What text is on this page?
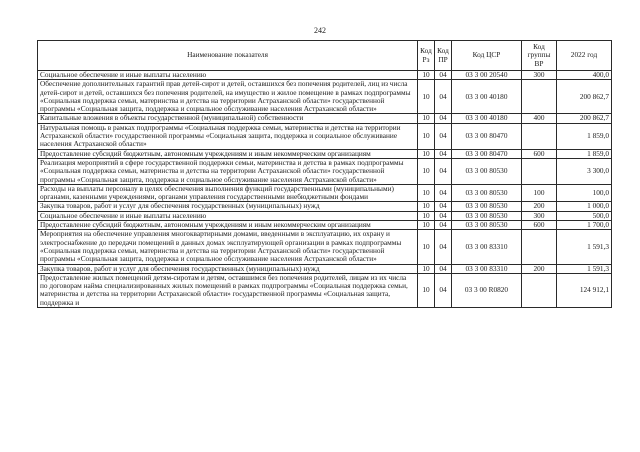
242
Наименование показателя	Код Рз	Код ПР	Код ЦСР	Код группы ВР	2022 год
Социальное обеспечение и иные выплаты населению	10	04	03 3 00 20540	300	400,0
Обеспечение дополнительных гарантий прав детей-сирот и детей, оставшихся без попечения родителей, лиц из числа детей-сирот и детей, оставшихся без попечения родителей, на имущество и жилое помещение в рамках подпрограммы «Социальная поддержка семьи, материнства и детства на территории Астраханской области» государственной программы «Социальная защита, поддержка и социальное обслуживание населения Астраханской области»	10	04	03 3 00 40180		200 862,7
Капитальные вложения в объекты государственной (муниципальной) собственности	10	04	03 3 00 40180	400	200 862,7
Натуральная помощь в рамках подпрограммы «Социальная поддержка семьи, материнства и детства на территории Астраханской области» государственной программы «Социальная защита, поддержка и социальное обслуживание населения Астраханской области»	10	04	03 3 00 80470		1 859,0
Предоставление субсидий бюджетным, автономным учреждениям и иным некоммерческим организациям	10	04	03 3 00 80470	600	1 859,0
Реализация мероприятий в сфере государственной поддержки семьи, материнства и детства в рамках подпрограммы «Социальная поддержка семьи, материнства и детства на территории Астраханской области» государственной программы «Социальная защита, поддержка и социальное обслуживание населения Астраханской области»	10	04	03 3 00 80530		3 300,0
Расходы на выплаты персоналу в целях обеспечения выполнения функций государственными (муниципальными) органами, казенными учреждениями, органами управления государственными внебюджетными фондами	10	04	03 3 00 80530	100	100,0
Закупка товаров, работ и услуг для обеспечения государственных (муниципальных) нужд	10	04	03 3 00 80530	200	1 000,0
Социальное обеспечение и иные выплаты населению	10	04	03 3 00 80530	300	500,0
Предоставление субсидий бюджетным, автономным учреждениям и иным некоммерческим организациям	10	04	03 3 00 80530	600	1 700,0
Мероприятия на обеспечение управления многоквартирными домами, введенными в эксплуатацию, их охрану и электроснабжение до передачи помещений в данных домах эксплуатирующей организации в рамках подпрограммы «Социальная поддержка семьи, материнства и детства на территории Астраханской области» государственной программы «Социальная защита, поддержка и социальное обслуживание населения Астраханской области»	10	04	03 3 00 83310		1 591,3
Закупка товаров, работ и услуг для обеспечения государственных (муниципальных) нужд	10	04	03 3 00 83310	200	1 591,3
Предоставление жилых помещений детям-сиротам и детям, оставшимся без попечения родителей, лицам из их числа по договорам найма специализированных жилых помещений в рамках подпрограммы «Социальная поддержка семьи, материнства и детства на территории Астраханской области» государственной программы «Социальная защита, поддержка и	10	04	03 3 00 R0820		124 912,1
